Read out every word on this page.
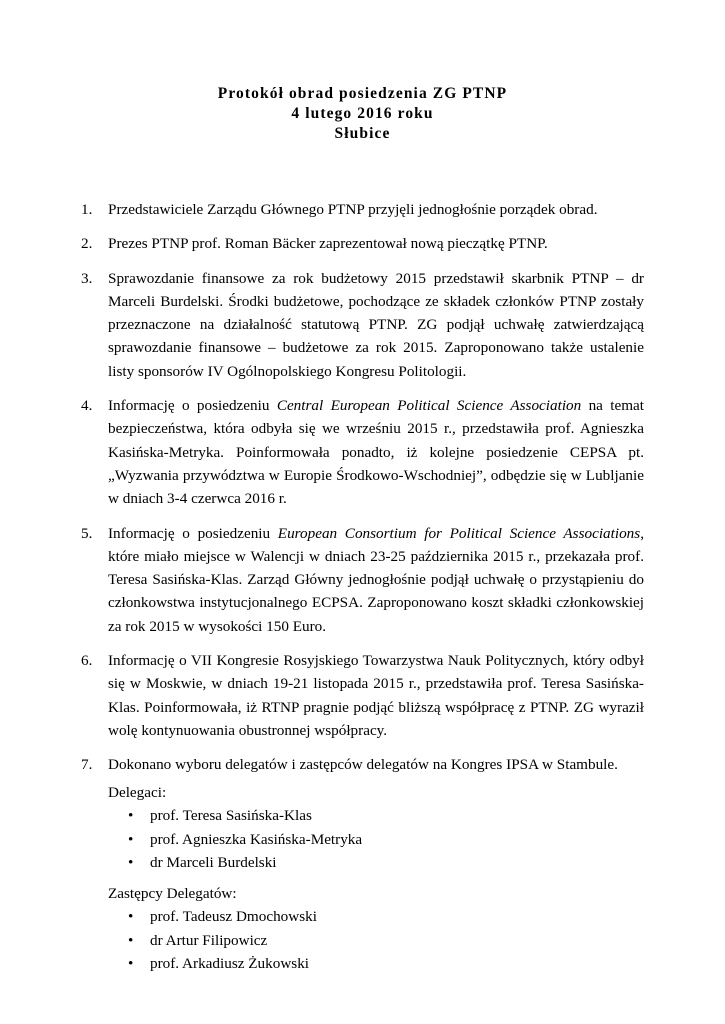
Protokół obrad posiedzenia ZG PTNP
4 lutego 2016 roku
Słubice
1. Przedstawiciele Zarządu Głównego PTNP przyjęli jednogłośnie porządek obrad.

2. Prezes PTNP prof. Roman Bäcker zaprezentował nową pieczątkę PTNP.

3. Sprawozdanie finansowe za rok budżetowy 2015 przedstawił skarbnik PTNP – dr Marceli Burdelski. Środki budżetowe, pochodzące ze składek członków PTNP zostały przeznaczone na działalność statutową PTNP. ZG podjął uchwałę zatwierdzającą sprawozdanie finansowe – budżetowe za rok 2015. Zaproponowano także ustalenie listy sponsorów IV Ogólnopolskiego Kongresu Politologii.

4. Informację o posiedzeniu Central European Political Science Association na temat bezpieczeństwa, która odbyła się we wrześniu 2015 r., przedstawiła prof. Agnieszka Kasińska-Metryka. Poinformowała ponadto, iż kolejne posiedzenie CEPSA pt. „Wyzwania przywództwa w Europie Środkowo-Wschodniej”, odbędzie się w Lubljanie w dniach 3-4 czerwca 2016 r.

5. Informację o posiedzeniu European Consortium for Political Science Associations, które miało miejsce w Walencji w dniach 23-25 października 2015 r., przekazała prof. Teresa Sasińska-Klas. Zarząd Główny jednogłośnie podjął uchwałę o przystąpieniu do członkowstwa instytucjonalnego ECPSA. Zaproponowano koszt składki członkowskiej za rok 2015 w wysokości 150 Euro.

6. Informację o VII Kongresie Rosyjskiego Towarzystwa Nauk Politycznych, który odbył się w Moskwie, w dniach 19-21 listopada 2015 r., przedstawiła prof. Teresa Sasińska-Klas. Poinformowała, iż RTNP pragnie podjąć bliższą współpracę z PTNP. ZG wyraził wolę kontynuowania obustronnej współpracy.

7. Dokonano wyboru delegatów i zastępców delegatów na Kongres IPSA w Stambule.

Delegaci:
• prof. Teresa Sasińska-Klas
• prof. Agnieszka Kasińska-Metryka
• dr Marceli Burdelski
Zastępcy Delegatów:
• prof. Tadeusz Dmochowski
• dr Artur Filipowicz
• prof. Arkadiusz Żukowski
